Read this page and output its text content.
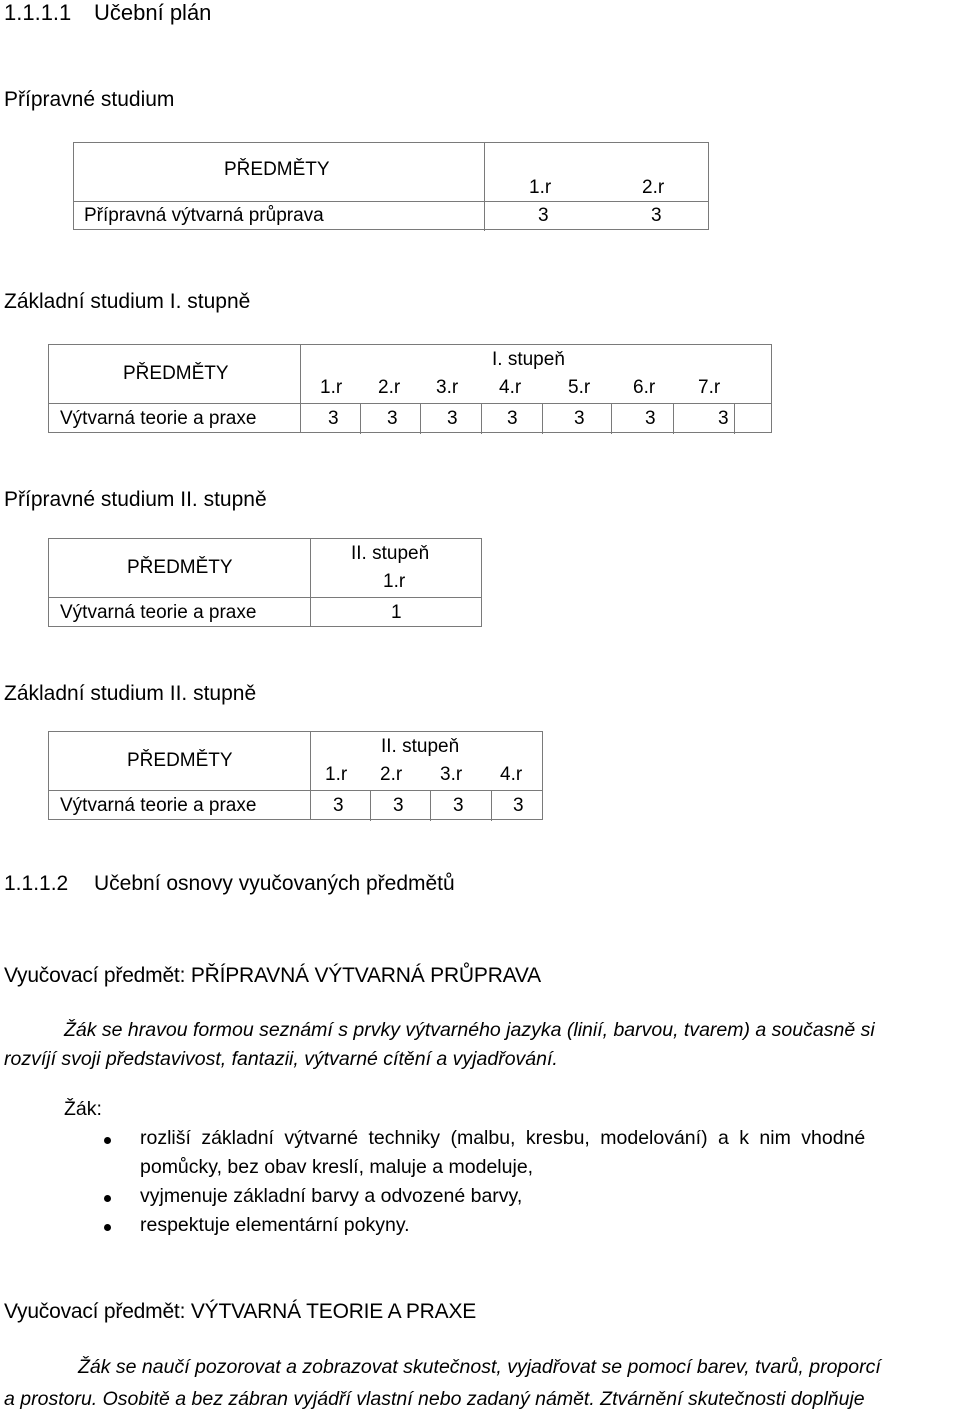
1.1.1.1 Učební plán
Přípravné studium
PŘEDMĚTY
1.r	2.r
Přípravná výtvarná průprava	3	3
Základní studium I. stupně
PŘEDMĚTY
I. stupeň
1.r 2.r 3.r 4.r 5.r 6.r 7.r
Výtvarná teorie a praxe	3	3	3	3	3	3	3
Přípravné studium II. stupně
PŘEDMĚTY
II. stupeň
1.r
Výtvarná teorie a praxe	1
Základní studium II. stupně
PŘEDMĚTY
II. stupeň
1.r 2.r 3.r 4.r
Výtvarná teorie a praxe	3	3	3	3
1.1.1.2 Učební osnovy vyučovaných předmětů
Vyučovací předmět: PŘÍPRAVNÁ VÝTVARNÁ PRŮPRAVA
Žák se hravou formou seznámí s prvky výtvarného jazyka (linií, barvou, tvarem) a současně si
rozvíjí svoji představivost, fantazii, výtvarné cítění a vyjadřování.
Žák:
rozliší základní výtvarné techniky (malbu, kresbu, modelování) a k nim vhodné
pomůcky, bez obav kreslí, maluje a modeluje,
vyjmenuje základní barvy a odvozené barvy,
respektuje elementární pokyny.
Vyučovací předmět: VÝTVARNÁ TEORIE A PRAXE
Žák se naučí pozorovat a zobrazovat skutečnost, vyjadřovat se pomocí barev, tvarů, proporcí
a prostoru. Osobitě a bez zábran vyjádří vlastní nebo zadaný námět. Ztvárnění skutečnosti doplňuje
